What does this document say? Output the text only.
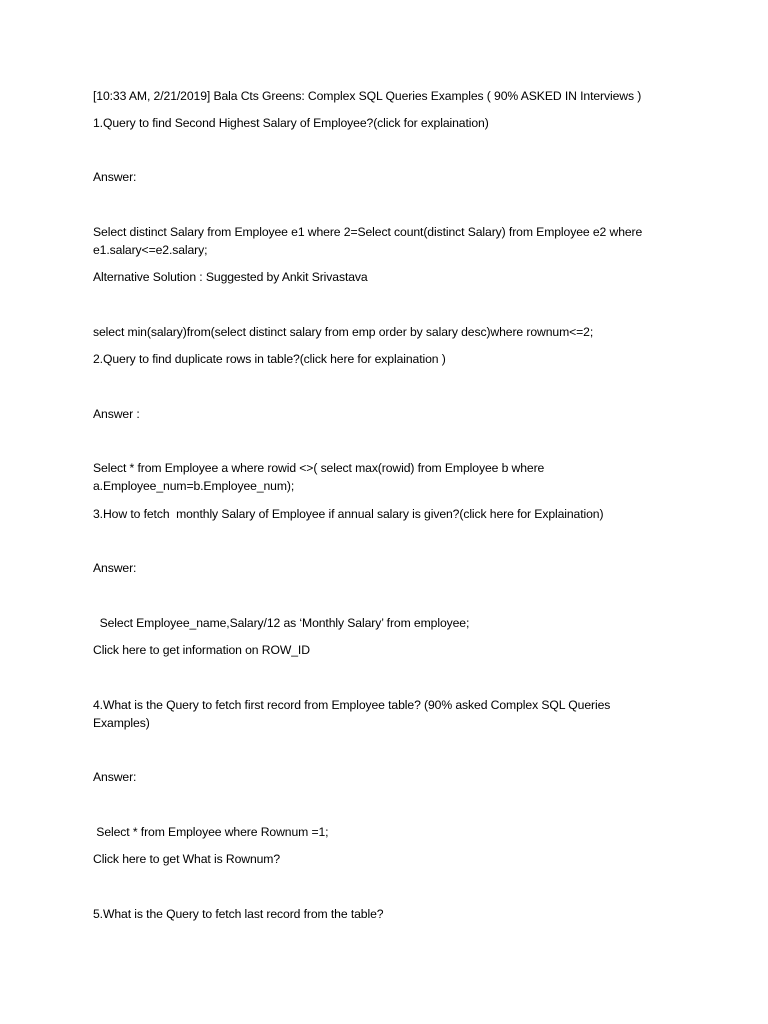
[10:33 AM, 2/21/2019] Bala Cts Greens: Complex SQL Queries Examples ( 90% ASKED IN Interviews )
1.Query to find Second Highest Salary of Employee?(click for explaination)
Answer:
Select distinct Salary from Employee e1 where 2=Select count(distinct Salary) from Employee e2 where e1.salary<=e2.salary;
Alternative Solution : Suggested by Ankit Srivastava
select min(salary)from(select distinct salary from emp order by salary desc)where rownum<=2;
2.Query to find duplicate rows in table?(click here for explaination )
Answer :
Select * from Employee a where rowid <>( select max(rowid) from Employee b where a.Employee_num=b.Employee_num);
3.How to fetch  monthly Salary of Employee if annual salary is given?(click here for Explaination)
Answer:
Select Employee_name,Salary/12 as ‘Monthly Salary’ from employee;
Click here to get information on ROW_ID
4.What is the Query to fetch first record from Employee table? (90% asked Complex SQL Queries Examples)
Answer:
Select * from Employee where Rownum =1;
Click here to get What is Rownum?
5.What is the Query to fetch last record from the table?
